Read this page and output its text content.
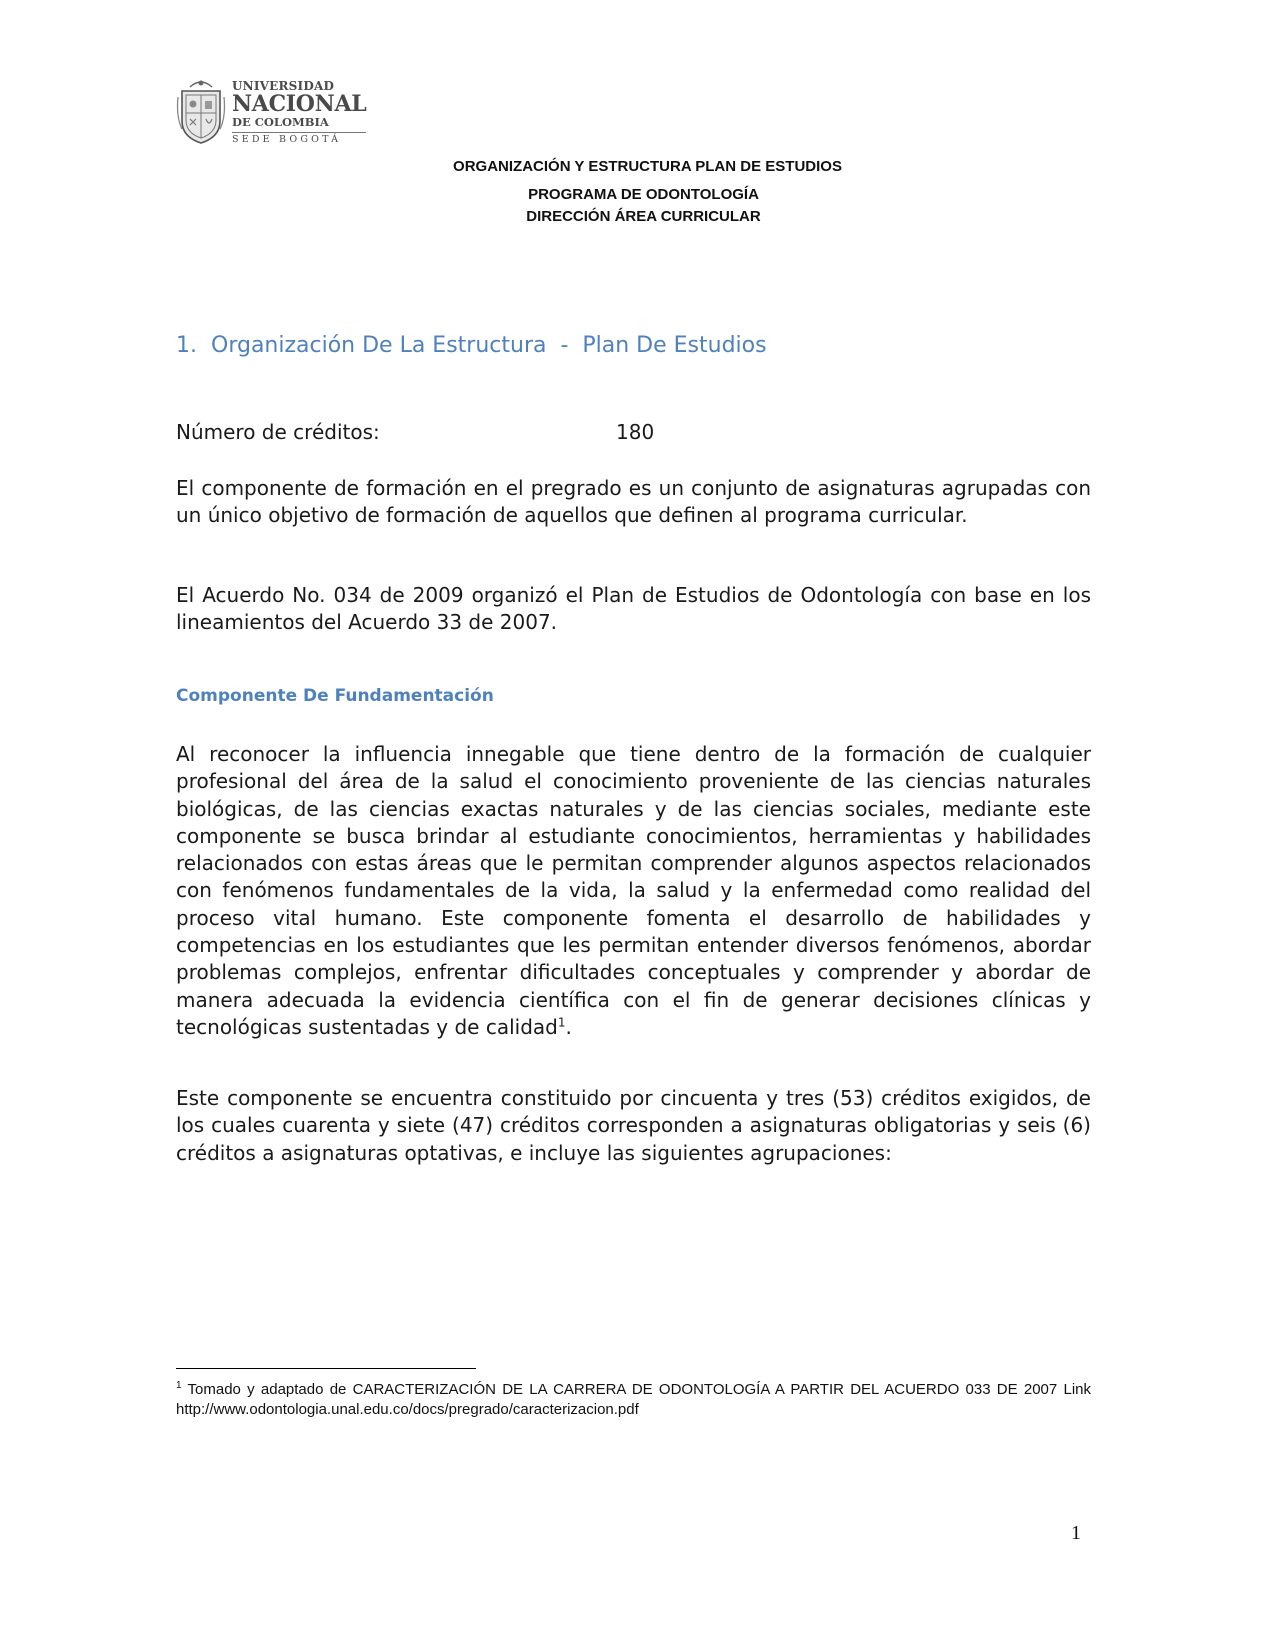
UNIVERSIDAD
NACIONAL
DE COLOMBIA
SEDE BOGOTÁ
ORGANIZACIÓN Y ESTRUCTURA PLAN DE ESTUDIOS
PROGRAMA DE ODONTOLOGÍA
DIRECCIÓN ÁREA CURRICULAR
1. Organización De La Estructura  -  Plan De Estudios
Número de créditos:	180

El componente de formación en el pregrado es un conjunto de asignaturas agrupadas con un único objetivo de formación de aquellos que definen al programa curricular.

El Acuerdo No. 034 de 2009 organizó el Plan de Estudios de Odontología con base en los lineamientos del Acuerdo 33 de 2007.

Componente De Fundamentación

Al reconocer la influencia innegable que tiene dentro de la formación de cualquier profesional del área de la salud el conocimiento proveniente de las ciencias naturales biológicas, de las ciencias exactas naturales y de las ciencias sociales, mediante este componente se busca brindar al estudiante conocimientos, herramientas y habilidades relacionados con estas áreas que le permitan comprender algunos aspectos relacionados con fenómenos fundamentales de la vida, la salud y la enfermedad como realidad del proceso vital humano. Este componente fomenta el desarrollo de habilidades y competencias en los estudiantes que les permitan entender diversos fenómenos, abordar problemas complejos, enfrentar dificultades conceptuales y comprender y abordar de manera adecuada la evidencia científica con el fin de generar decisiones clínicas y tecnológicas sustentadas y de calidad$^1$.

Este componente se encuentra constituido por cincuenta y tres (53) créditos exigidos, de los cuales cuarenta y siete (47) créditos corresponden a asignaturas obligatorias y seis (6) créditos a asignaturas optativas, e incluye las siguientes agrupaciones:

$^1$ Tomado y adaptado de CARACTERIZACIÓN DE LA CARRERA DE ODONTOLOGÍA A PARTIR DEL ACUERDO 033 DE 2007 Link http://www.odontologia.unal.edu.co/docs/pregrado/caracterizacion.pdf

1
